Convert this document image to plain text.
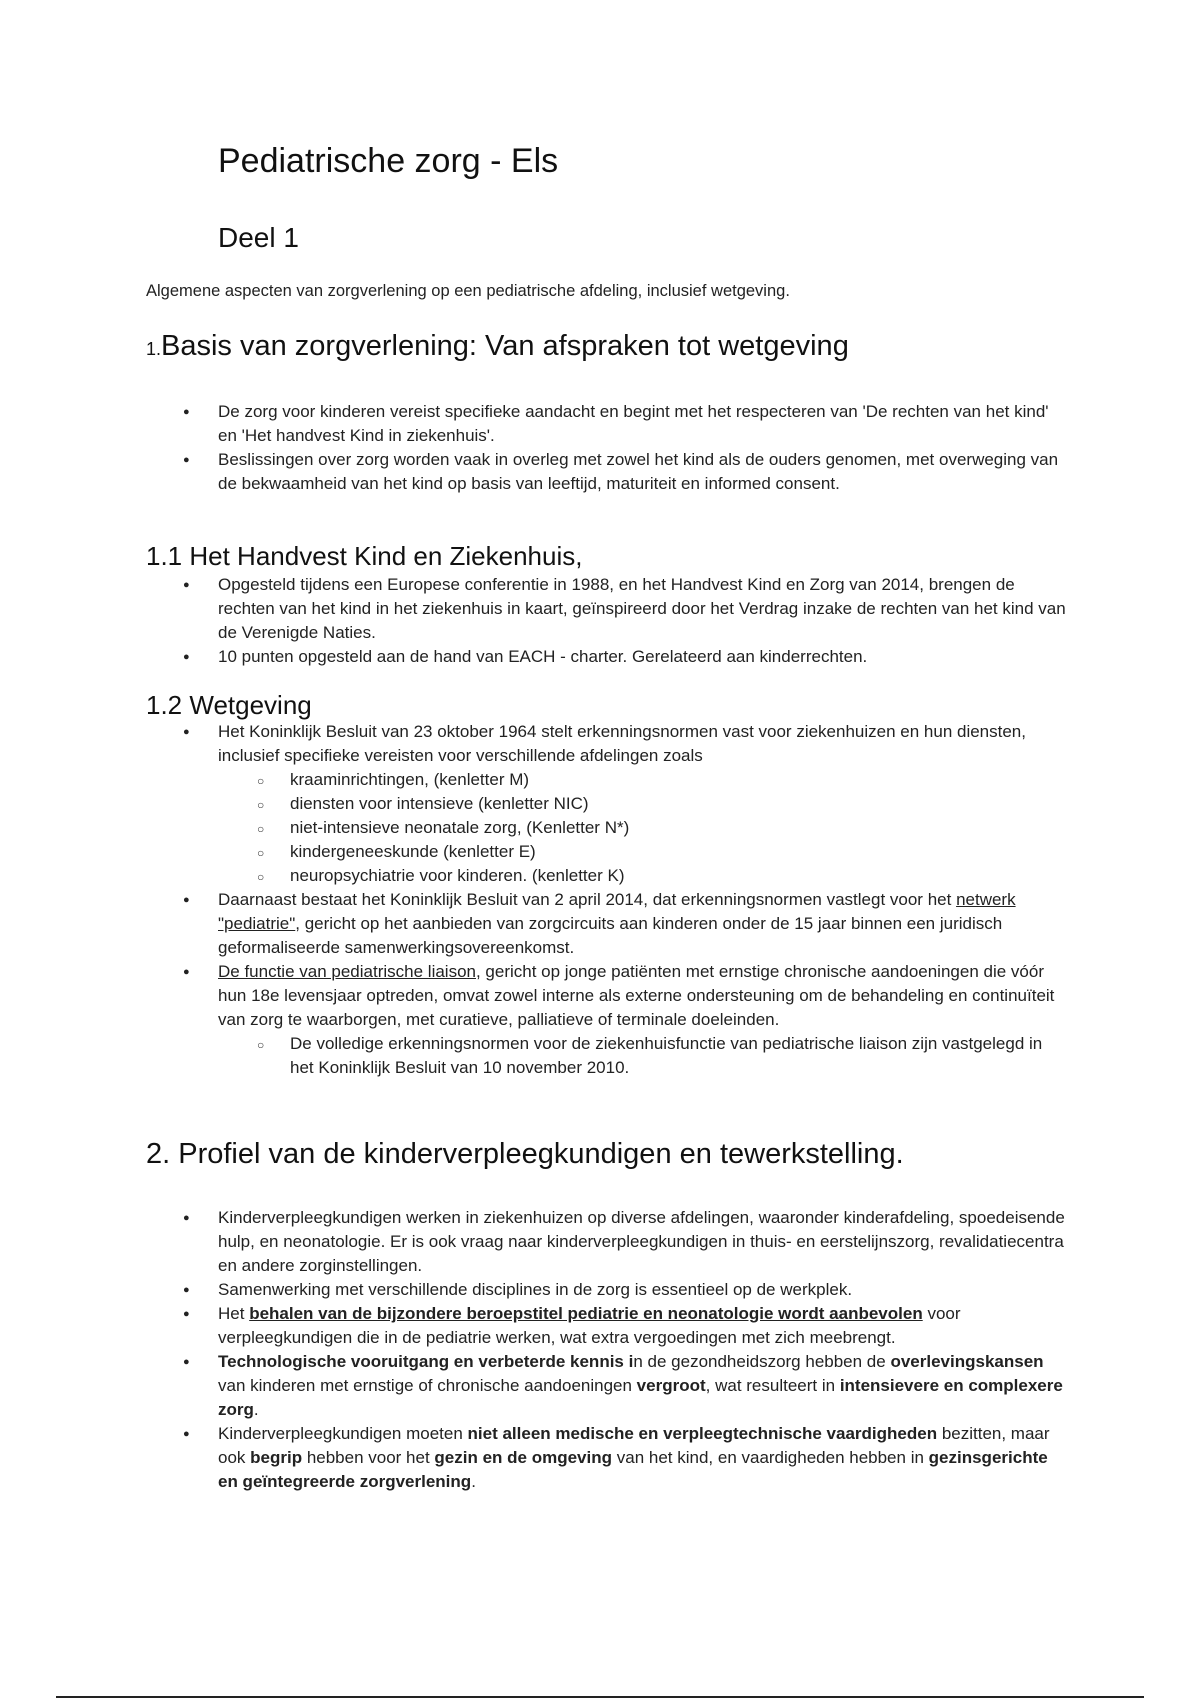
Pediatrische zorg - Els
Deel 1

Algemene aspecten van zorgverlening op een pediatrische afdeling, inclusief wetgeving.

1.Basis van zorgverlening: Van afspraken tot wetgeving
● De zorg voor kinderen vereist specifieke aandacht en begint met het respecteren van 'De rechten van het kind' en 'Het handvest Kind in ziekenhuis'.
● Beslissingen over zorg worden vaak in overleg met zowel het kind als de ouders genomen, met overweging van de bekwaamheid van het kind op basis van leeftijd, maturiteit en informed consent.
1.1 Het Handvest Kind en Ziekenhuis,
● Opgesteld tijdens een Europese conferentie in 1988, en het Handvest Kind en Zorg van 2014, brengen de rechten van het kind in het ziekenhuis in kaart, geïnspireerd door het Verdrag inzake de rechten van het kind van de Verenigde Naties.
● 10 punten opgesteld aan de hand van EACH - charter. Gerelateerd aan kinderrechten.
1.2 Wetgeving
● Het Koninklijk Besluit van 23 oktober 1964 stelt erkenningsnormen vast voor ziekenhuizen en hun diensten, inclusief specifieke vereisten voor verschillende afdelingen zoals
○ kraaminrichtingen, (kenletter M)
○ diensten voor intensieve (kenletter NIC)
○ niet-intensieve neonatale zorg, (Kenletter N*)
○ kindergeneeskunde (kenletter E)
○ neuropsychiatrie voor kinderen. (kenletter K)
● Daarnaast bestaat het Koninklijk Besluit van 2 april 2014, dat erkenningsnormen vastlegt voor het netwerk "pediatrie", gericht op het aanbieden van zorgcircuits aan kinderen onder de 15 jaar binnen een juridisch geformaliseerde samenwerkingsovereenkomst.
● De functie van pediatrische liaison, gericht op jonge patiënten met ernstige chronische aandoeningen die vóór hun 18e levensjaar optreden, omvat zowel interne als externe ondersteuning om de behandeling en continuïteit van zorg te waarborgen, met curatieve, palliatieve of terminale doeleinden.
○ De volledige erkenningsnormen voor de ziekenhuisfunctie van pediatrische liaison zijn vastgelegd in het Koninklijk Besluit van 10 november 2010.
2. Profiel van de kinderverpleegkundigen en tewerkstelling.
● Kinderverpleegkundigen werken in ziekenhuizen op diverse afdelingen, waaronder kinderafdeling, spoedeisende hulp, en neonatologie. Er is ook vraag naar kinderverpleegkundigen in thuis- en eerstelijnszorg, revalidatiecentra en andere zorginstellingen.
● Samenwerking met verschillende disciplines in de zorg is essentieel op de werkplek.
● Het behalen van de bijzondere beroepstitel pediatrie en neonatologie wordt aanbevolen voor verpleegkundigen die in de pediatrie werken, wat extra vergoedingen met zich meebrengt.
● Technologische vooruitgang en verbeterde kennis in de gezondheidszorg hebben de overlevingskansen van kinderen met ernstige of chronische aandoeningen vergroot, wat resulteert in intensievere en complexere zorg.
● Kinderverpleegkundigen moeten niet alleen medische en verpleegtechnische vaardigheden bezitten, maar ook begrip hebben voor het gezin en de omgeving van het kind, en vaardigheden hebben in gezinsgerichte en geïntegreerde zorgverlening.
